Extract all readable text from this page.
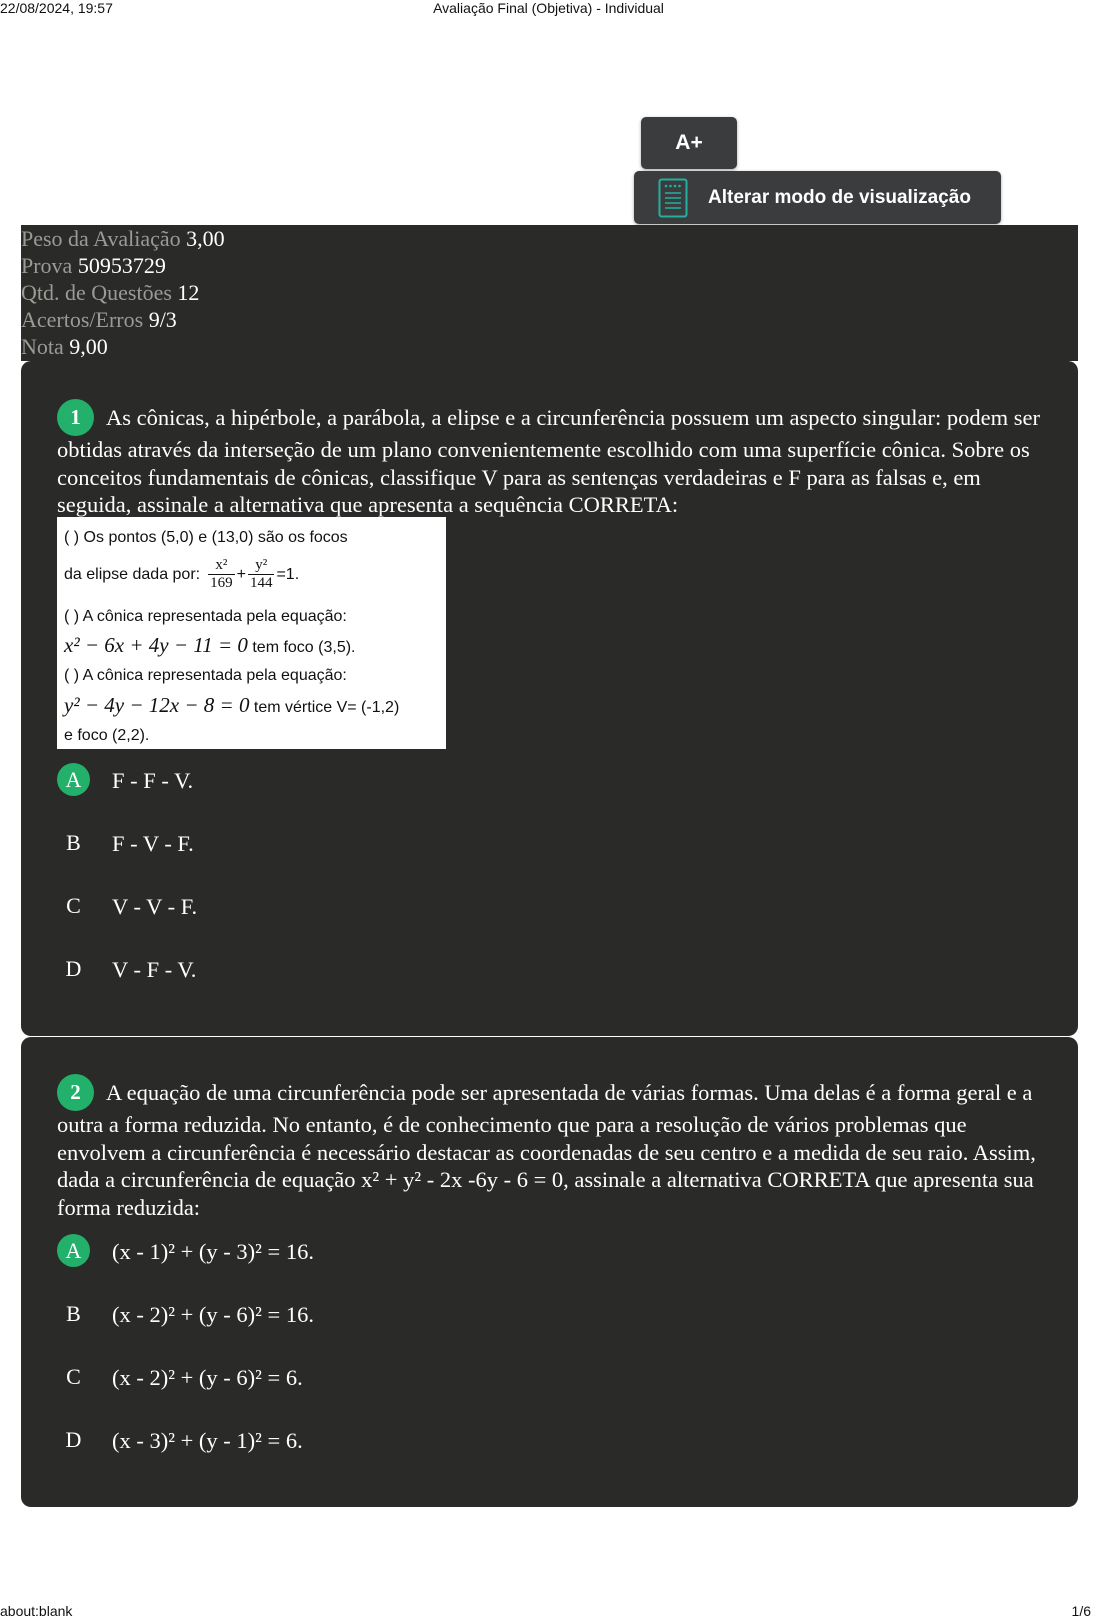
22/08/2024, 19:57	Avaliação Final (Objetiva) - Individual
A+
Alterar modo de visualização
Peso da Avaliação 3,00
Prova 50953729
Qtd. de Questões 12
Acertos/Erros 9/3
Nota 9,00
1 As cônicas, a hipérbole, a parábola, a elipse e a circunferência possuem um aspecto singular: podem ser obtidas através da interseção de um plano convenientemente escolhido com uma superfície cônica. Sobre os conceitos fundamentais de cônicas, classifique V para as sentenças verdadeiras e F para as falsas e, em seguida, assinale a alternativa que apresenta a sequência CORRETA:
( ) Os pontos (5,0) e (13,0) são os focos
da elipse dada por: $\frac{\text{x²}}{169} + \frac{\text{y²}}{144} =1$.
( ) A cônica representada pela equação:
x² − 6x + 4y − 11 = 0 tem foco (3,5).
( ) A cônica representada pela equação:
y² − 4y − 12x − 8 = 0 tem vértice V= (-1,2)
e foco (2,2).
A	F - F - V.
B	F - V - F.
C	V - V - F.
D	V - F - V.
2 A equação de uma circunferência pode ser apresentada de várias formas. Uma delas é a forma geral e a outra a forma reduzida. No entanto, é de conhecimento que para a resolução de vários problemas que envolvem a circunferência é necessário destacar as coordenadas de seu centro e a medida de seu raio. Assim, dada a circunferência de equação x² + y² - 2x -6y - 6 = 0, assinale a alternativa CORRETA que apresenta sua forma reduzida:
A	(x - 1)² + (y - 3)² = 16.
B	(x - 2)² + (y - 6)² = 16.
C	(x - 2)² + (y - 6)² = 6.
D	(x - 3)² + (y - 1)² = 6.
about:blank	1/6
